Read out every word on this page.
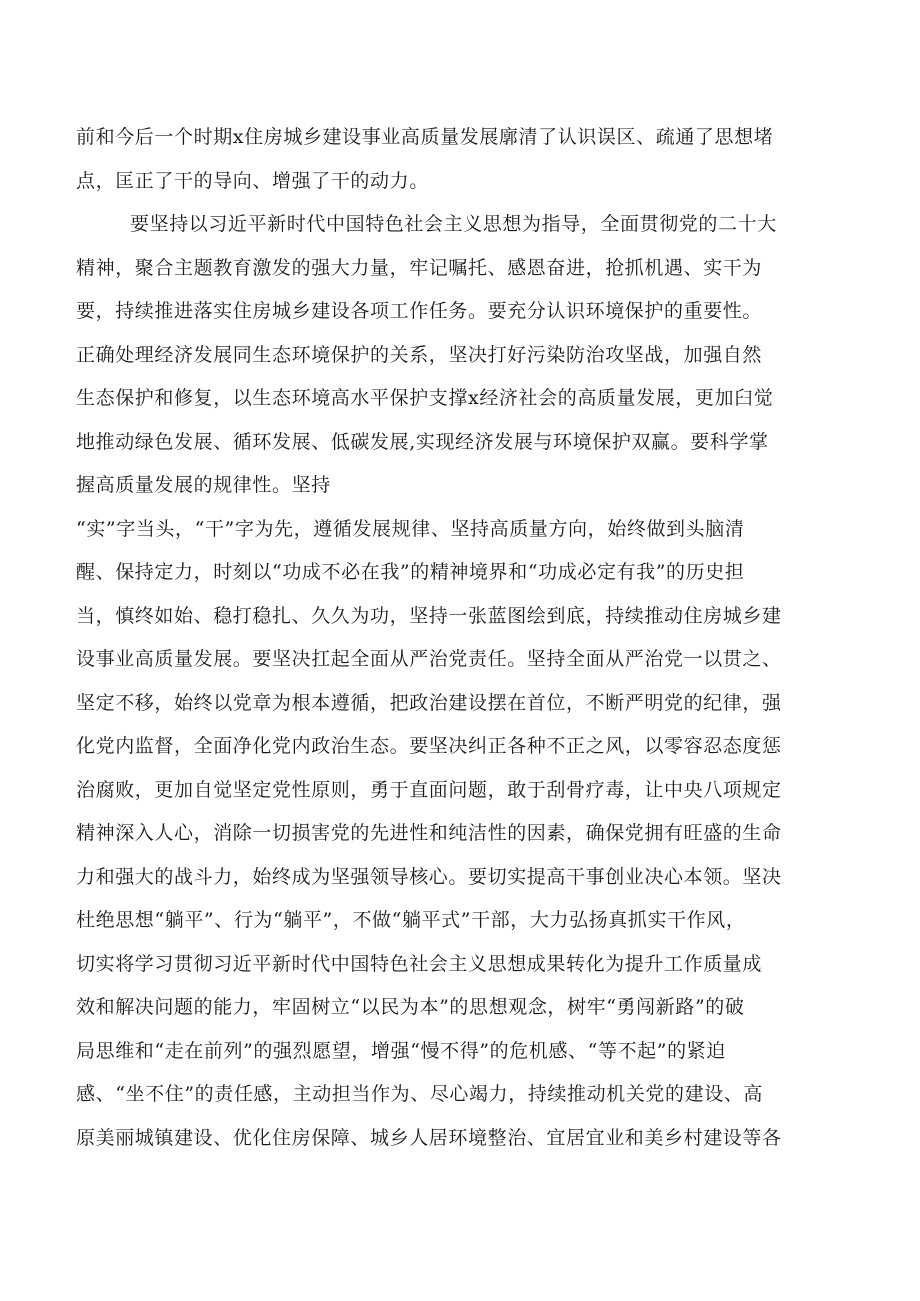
前和今后一个时期x住房城乡建设事业高质量发展廓清了认识误区、疏通了思想堵

点，匡正了干的导向、增强了干的动力。

要坚持以习近平新时代中国特色社会主义思想为指导，全面贯彻党的二十大

精神，聚合主题教育激发的强大力量，牢记嘱托、感恩奋进，抢抓机遇、实干为

要，持续推进落实住房城乡建设各项工作任务。要充分认识环境保护的重要性。

正确处理经济发展同生态环境保护的关系，坚决打好污染防治攻坚战，加强自然

生态保护和修复，以生态环境高水平保护支撑x经济社会的高质量发展，更加臼觉

地推动绿色发展、循环发展、低碳发展,实现经济发展与环境保护双赢。要科学掌

握高质量发展的规律性。坚持

“实”字当头，“干”字为先，遵循发展规律、坚持高质量方向，始终做到头脑清

醒、保持定力，时刻以“功成不必在我”的精神境界和“功成必定有我”的历史担

当，慎终如始、稳打稳扎、久久为功，坚持一张蓝图绘到底，持续推动住房城乡建

设事业高质量发展。要坚决扛起全面从严治党责任。坚持全面从严治党一以贯之、

坚定不移，始终以党章为根本遵循，把政治建设摆在首位，不断严明党的纪律，强

化党内监督，全面净化党内政治生态。要坚决纠正各种不正之风，以零容忍态度惩

治腐败，更加自觉坚定党性原则，勇于直面问题，敢于刮骨疗毒，让中央八项规定

精神深入人心，消除一切损害党的先进性和纯洁性的因素，确保党拥有旺盛的生命

力和强大的战斗力，始终成为坚强领导核心。要切实提高干事创业决心本领。坚决

杜绝思想“躺平”、行为“躺平”，不做“躺平式”干部，大力弘扬真抓实干作风，

切实将学习贯彻习近平新时代中国特色社会主义思想成果转化为提升工作质量成

效和解决问题的能力，牢固树立“以民为本”的思想观念，树牢“勇闯新路”的破

局思维和“走在前列”的强烈愿望，增强“慢不得”的危机感、“等不起”的紧迫

感、“坐不住”的责任感，主动担当作为、尽心竭力，持续推动机关党的建设、高

原美丽城镇建设、优化住房保障、城乡人居环境整治、宜居宜业和美乡村建设等各
